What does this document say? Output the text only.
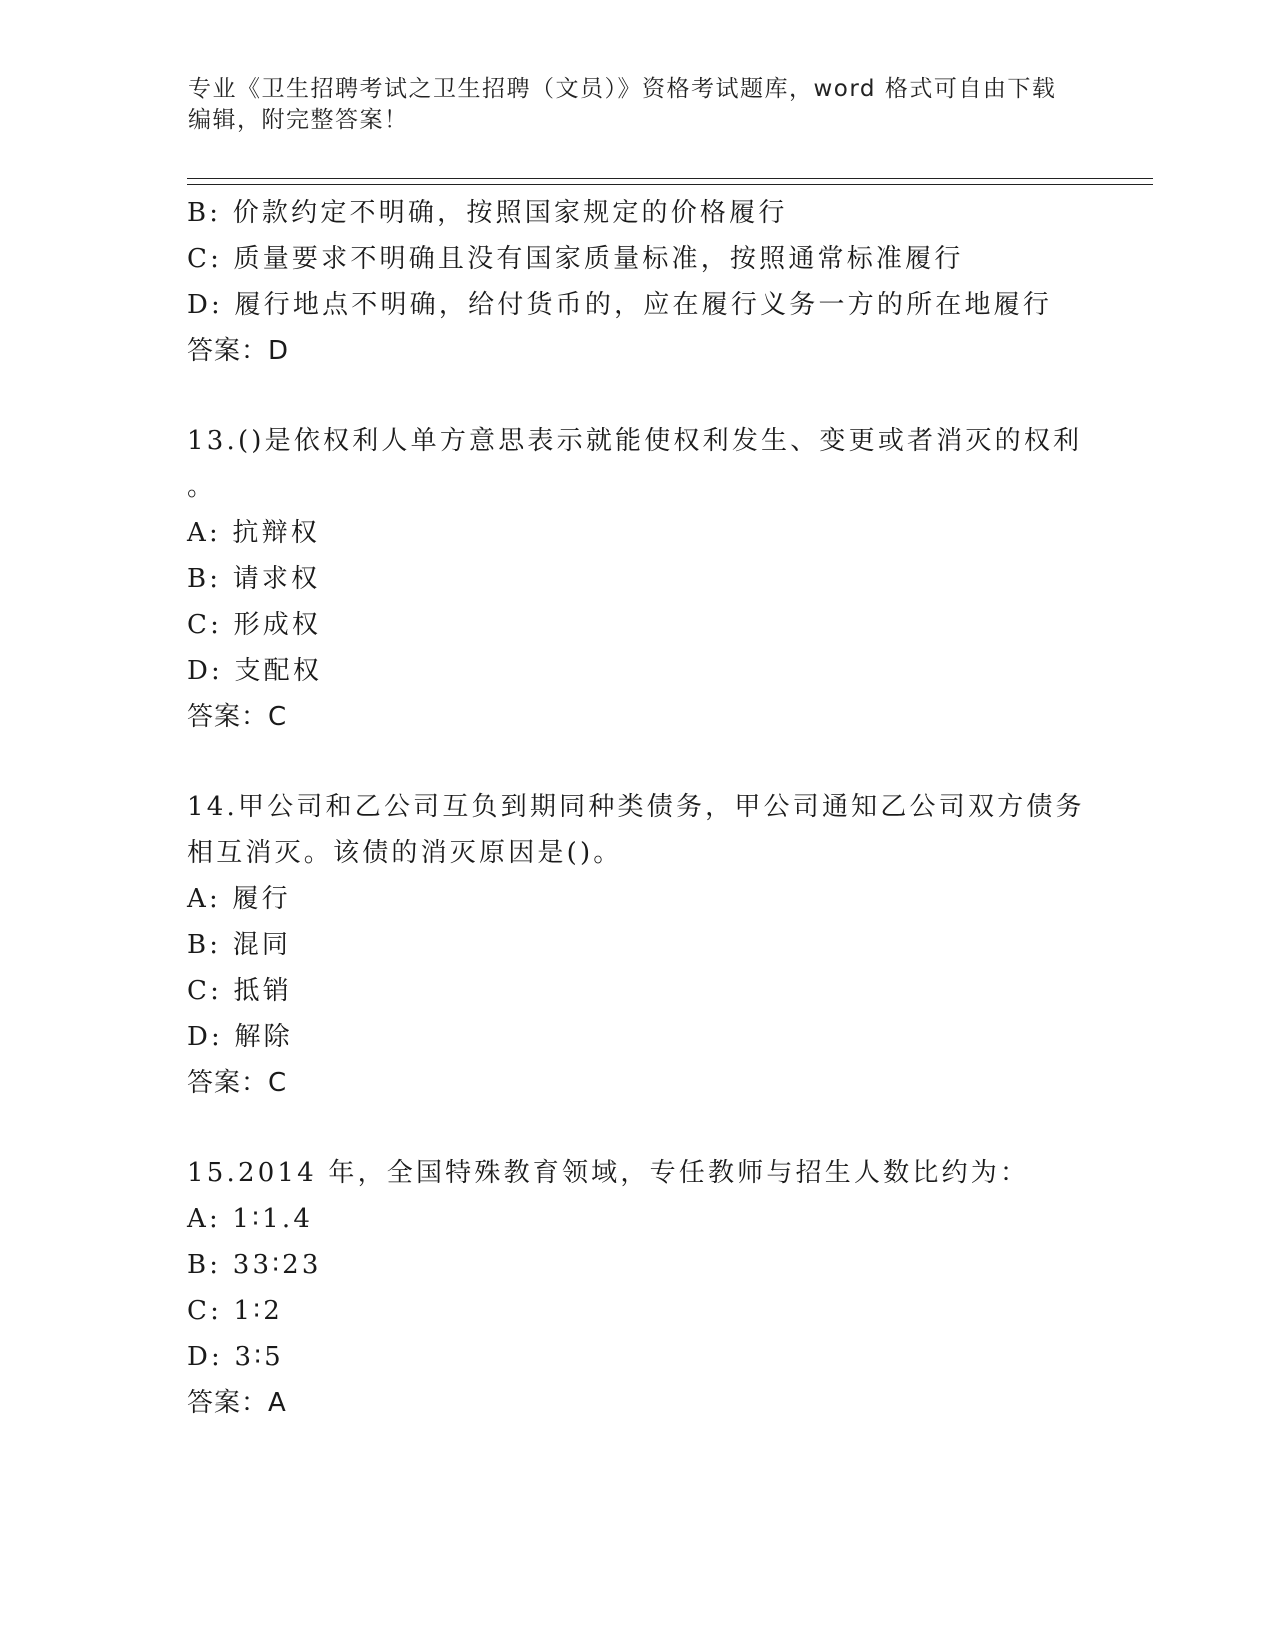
专业《卫生招聘考试之卫生招聘（文员）》资格考试题库，word 格式可自由下载编辑，附完整答案！
B: 价款约定不明确，按照国家规定的价格履行
C: 质量要求不明确且没有国家质量标准，按照通常标准履行
D: 履行地点不明确，给付货币的，应在履行义务一方的所在地履行
答案：D
13.()是依权利人单方意思表示就能使权利发生、变更或者消灭的权利
。
A: 抗辩权
B: 请求权
C: 形成权
D: 支配权
答案：C
14.甲公司和乙公司互负到期同种类债务，甲公司通知乙公司双方债务
相互消灭。该债的消灭原因是()。
A: 履行
B: 混同
C: 抵销
D: 解除
答案：C
15.2014 年，全国特殊教育领域，专任教师与招生人数比约为：
A: 1∶1.4
B: 33∶23
C: 1∶2
D: 3∶5
答案：A
